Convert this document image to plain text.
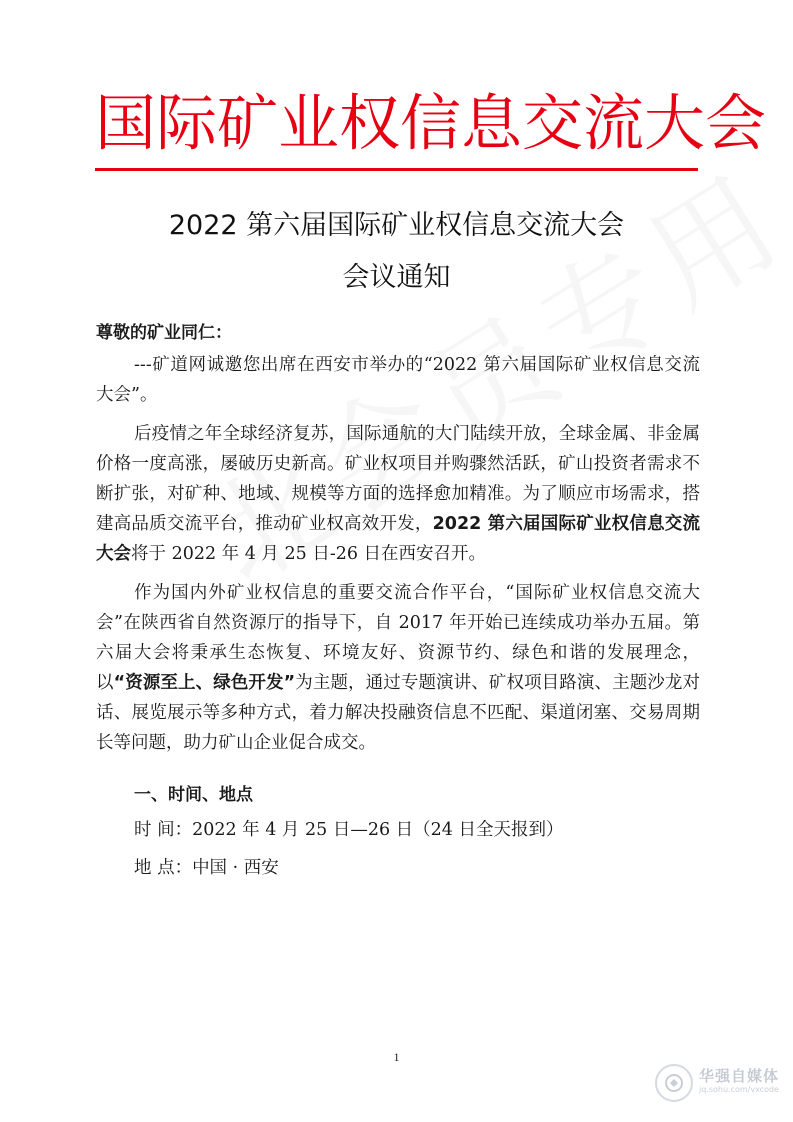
国际矿业权信息交流大会
2022 第六届国际矿业权信息交流大会
会议通知
尊敬的矿业同仁：

---矿道网诚邀您出席在西安市举办的“2022 第六届国际矿业权信息交流大会”。

后疫情之年全球经济复苏，国际通航的大门陆续开放，全球金属、非金属价格一度高涨，屡破历史新高。矿业权项目并购骤然活跃，矿山投资者需求不断扩张，对矿种、地域、规模等方面的选择愈加精准。为了顺应市场需求，搭建高品质交流平台，推动矿业权高效开发，2022 第六届国际矿业权信息交流大会将于 2022 年 4 月 25 日-26 日在西安召开。

作为国内外矿业权信息的重要交流合作平台，“国际矿业权信息交流大会”在陕西省自然资源厅的指导下，自 2017 年开始已连续成功举办五届。第六届大会将秉承生态恢复、环境友好、资源节约、绿色和谐的发展理念，以“资源至上、绿色开发”为主题，通过专题演讲、矿权项目路演、主题沙龙对话、展览展示等多种方式，着力解决投融资信息不匹配、渠道闭塞、交易周期长等问题，助力矿山企业促合成交。

一、时间、地点
时 间：2022 年 4 月 25 日—26 日（24 日全天报到）
地 点：中国 · 西安
1
华强自媒体
jq.sohu.com/vxcode
